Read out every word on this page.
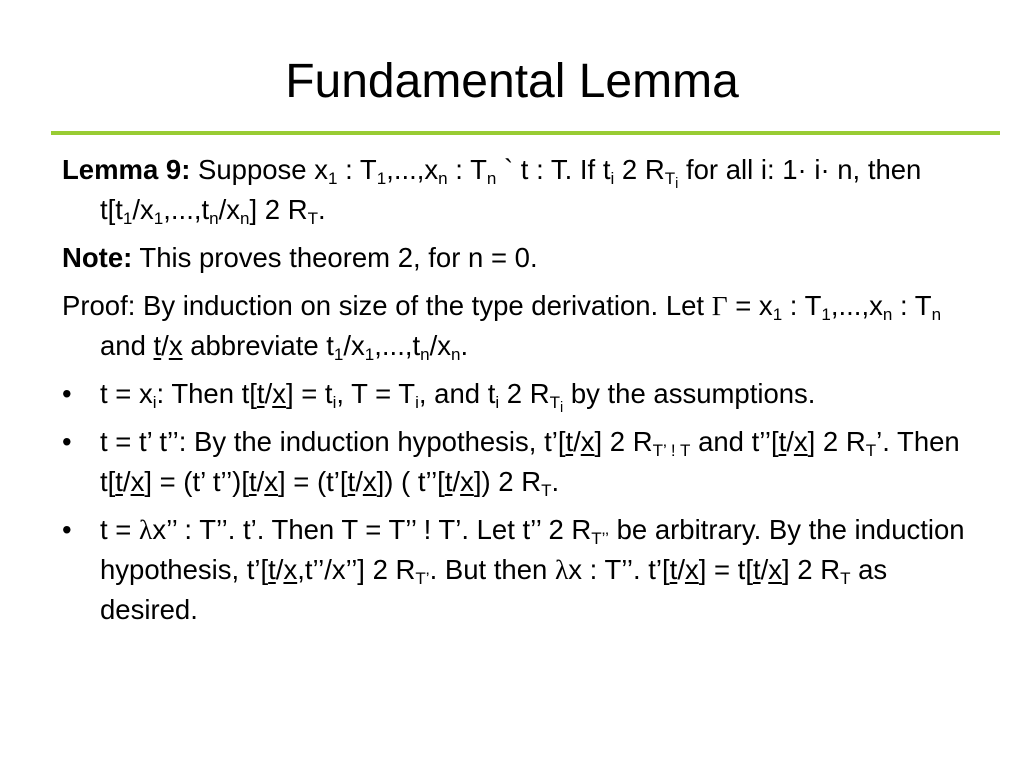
Fundamental Lemma
Lemma 9: Suppose $x_1$ : $T_1,...,x_n$ : $T_n$ ` t : T. If $t_i$ 2 $R_{T_i}$ for all i: 1· i· n, then $t[t_1/x_1,...,t_n/x_n]$ 2 $R_T$.
Note: This proves theorem 2, for n = 0.
Proof: By induction on size of the type derivation. Let $\Gamma = x_1$ : $T_1,...,x_n$ : $T_n$ and t/x abbreviate $t_1/x_1,...,t_n/x_n$.
• $t = x_i$: Then $t[t/x] = t_i$, $T = T_i$, and $t_i$ 2 $R_{T_i}$ by the assumptions.
• t = t’ t’’: By the induction hypothesis, t’[t/x] 2 $R_{T’ ! T}$ and t’’[t/x] 2 $R_T$’. Then t[t/x] = (t’ t’’)[t/x] = (t’[t/x]) ( t’’[t/x]) 2 $R_T$.
• t = λx’’ : T’’. t’. Then T = T’’ ! T’. Let t’’ 2 $R_{T’’}$ be arbitrary. By the induction hypothesis, t’[t/x,t’’/x’’] 2 $R_{T’}$. But then λx : T’’. t’[t/x] = t[t/x] 2 $R_T$ as desired.
